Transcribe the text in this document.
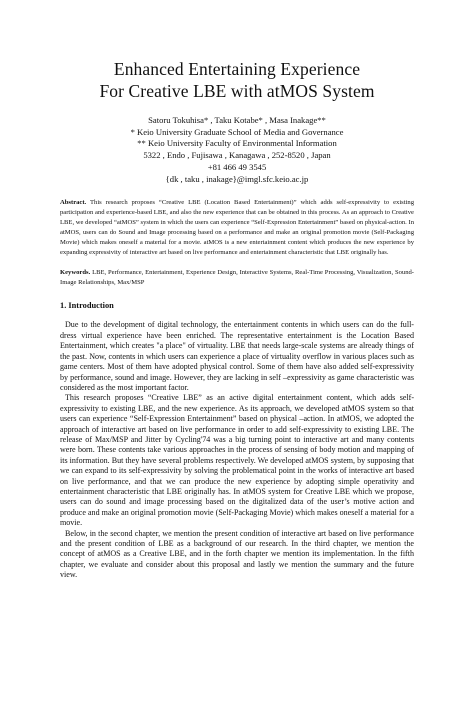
Enhanced Entertaining Experience
For Creative LBE with atMOS System
Satoru Tokuhisa* , Taku Kotabe* , Masa Inakage**
* Keio University Graduate School of Media and Governance
** Keio University Faculty of Environmental Information
5322 , Endo , Fujisawa , Kanagawa , 252-8520 , Japan
+81 466 49 3545
{dk , taku , inakage}@imgl.sfc.keio.ac.jp
Abstract. This research proposes “Creative LBE (Location Based Entertainment)” which adds self-expressivity to existing participation and experience-based LBE, and also the new experience that can be obtained in this process. As an approach to Creative LBE, we developed “atMOS” system in which the users can experience “Self-Expression Entertainment” based on physical-action. In atMOS, users can do Sound and Image processing based on a performance and make an original promotion movie (Self-Packaging Movie) which makes oneself a material for a movie. atMOS is a new entertainment content which produces the new experience by expanding expressivity of interactive art based on live performance and entertainment characteristic that LBE originally has.
Keywords. LBE, Performance, Entertainment, Experience Design, Interactive Systems, Real-Time Processing, Visualization, Sound-Image Relationships, Max/MSP
1. Introduction

Due to the development of digital technology, the entertainment contents in which users can do the full-dress virtual experience have been enriched. The representative entertainment is the Location Based Entertainment, which creates "a place" of virtuality. LBE that needs large-scale systems are already things of the past. Now, contents in which users can experience a place of virtuality overflow in various places such as game centers. Most of them have adopted physical control. Some of them have also added self-expressivity by performance, sound and image. However, they are lacking in self –expressivity as game characteristic was considered as the most important factor.

This research proposes “Creative LBE” as an active digital entertainment content, which adds self-expressivity to existing LBE, and the new experience. As its approach, we developed atMOS system so that users can experience “Self-Expression Entertainment” based on physical –action. In atMOS, we adopted the approach of interactive art based on live performance in order to add self-expressivity to existing LBE. The release of Max/MSP and Jitter by Cycling'74 was a big turning point to interactive art and many contents were born. These contents take various approaches in the process of sensing of body motion and mapping of its information. But they have several problems respectively. We developed atMOS system, by supposing that we can expand to its self-expressivity by solving the problematical point in the works of interactive art based on live performance, and that we can produce the new experience by adopting simple operativity and entertainment characteristic that LBE originally has. In atMOS system for Creative LBE which we propose, users can do sound and image processing based on the digitalized data of the user’s motive action and produce and make an original promotion movie (Self-Packaging Movie) which makes oneself a material for a movie.

Below, in the second chapter, we mention the present condition of interactive art based on live performance and the present condition of LBE as a background of our research. In the third chapter, we mention the concept of atMOS as a Creative LBE, and in the forth chapter we mention its implementation. In the fifth chapter, we evaluate and consider about this proposal and lastly we mention the summary and the future view.
